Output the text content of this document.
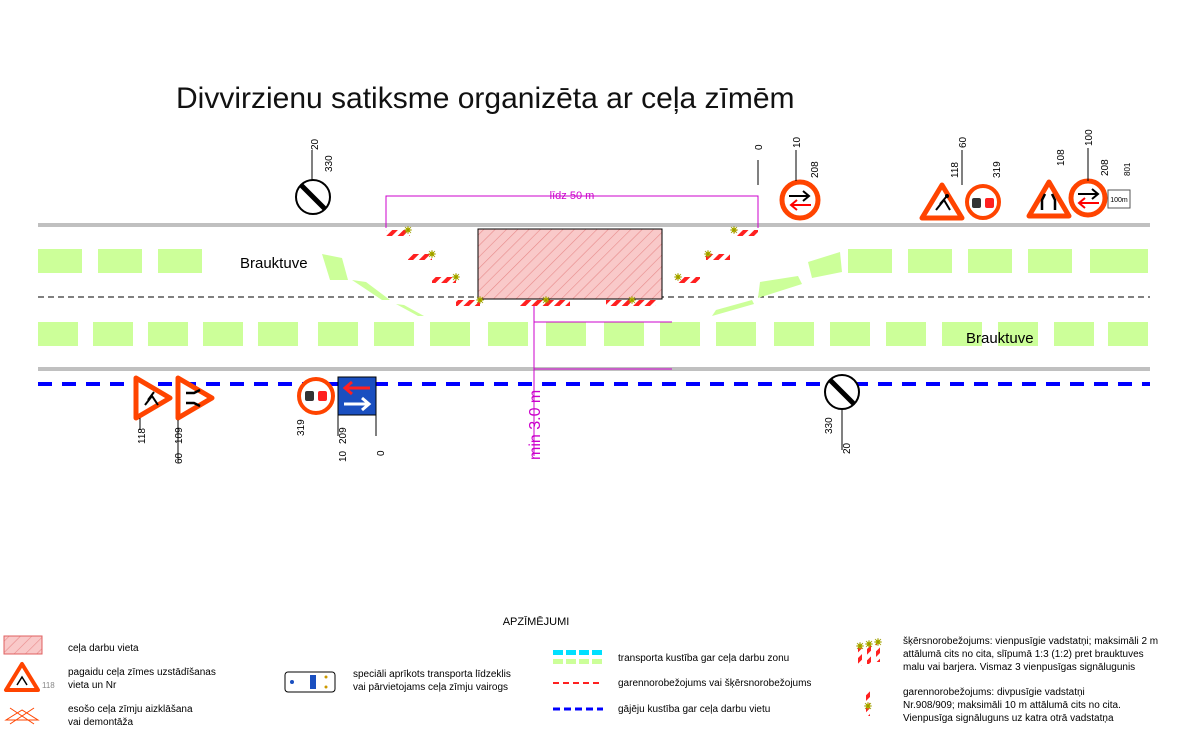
Divvirzienu satiksme organizēta ar ceļa zīmēm
līdz 50 m
min 3.0 m
Brauktuve
Brauktuve
20
330
10
208
0
118
60
319
108
100
208
100m
801
118	109
60
319	209
10	0
330
20
APZĪMĒJUMI
ceļa darbu vieta
118
pagaidu ceļa zīmes uzstādīšanas vieta un Nr
esošo ceļa zīmju aizklāšana vai demontāža
speciāli aprīkots transporta līdzeklis vai pārvietojams ceļa zīmju vairogs
transporta kustība gar ceļa darbu zonu
garennorobežojums vai šķērsnorobežojums
gājēju kustība gar ceļa darbu vietu
šķērsnorobežojums: vienpusīgie vadstatņi; maksimāli 2 m attālumā cits no cita, slīpumā 1:3 (1:2) pret brauktuves malu vai barjera. Vismaz 3 vienpusīgas signālugunis
garennorobežojums: divpusīgie vadstatņi Nr.908/909; maksimāli 10 m attālumā cits no cita. Vienpusīga signāluguns uz katra otrā vadstatņa
